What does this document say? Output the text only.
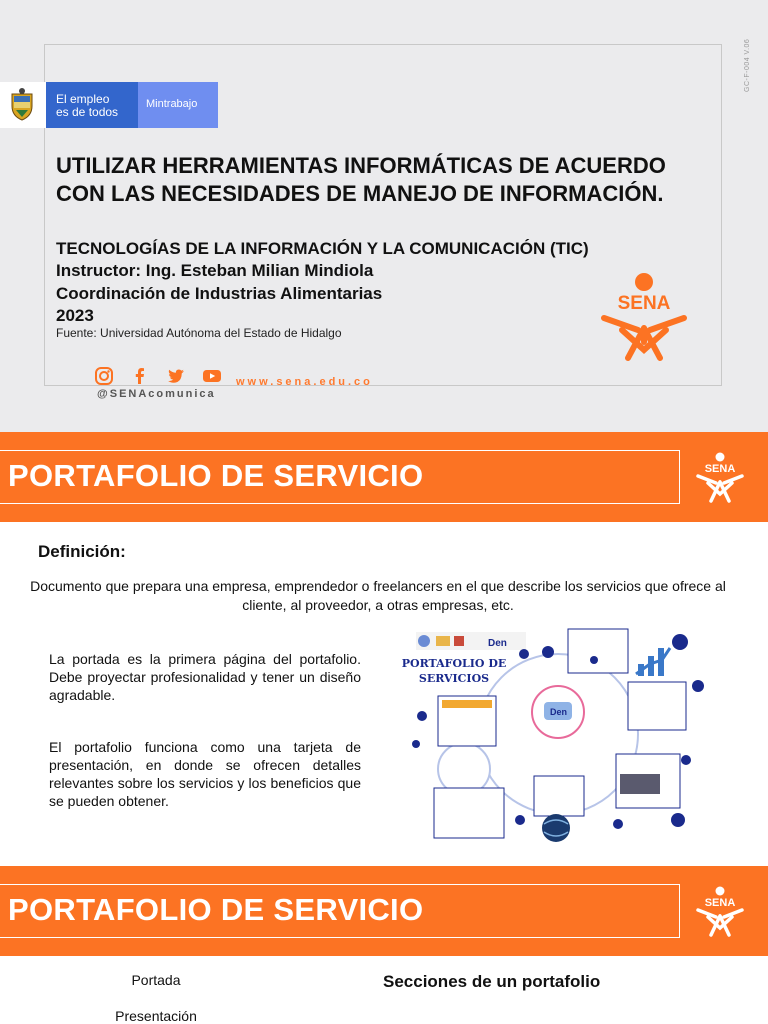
GC-F-004 V.06
El empleo
es de todos
Mintrabajo
UTILIZAR HERRAMIENTAS INFORMÁTICAS DE ACUERDO CON LAS NECESIDADES DE MANEJO DE INFORMACIÓN.
TECNOLOGÍAS DE LA INFORMACIÓN Y LA COMUNICACIÓN (TIC)
Instructor: Ing. Esteban Milian Mindiola
Coordinación de Industrias Alimentarias
2023
Fuente: Universidad Autónoma del Estado de Hidalgo
SENA
@SENAcomunica
www.sena.edu.co
PORTAFOLIO DE SERVICIO	SENA
Definición:
Documento que prepara una empresa, emprendedor o freelancers en el que describe los servicios que ofrece al cliente, al proveedor, a otras empresas, etc.
La portada es la primera página del portafolio. Debe proyectar profesionalidad y tener un diseño agradable.
El portafolio funciona como una tarjeta de presentación, en donde se ofrecen detalles relevantes sobre los servicios y los beneficios que se pueden obtener.
PORTAFOLIO DE
SERVICIOS
Den
Den
PORTAFOLIO DE SERVICIO	SENA
Secciones de un portafolio
Portada
Presentación
